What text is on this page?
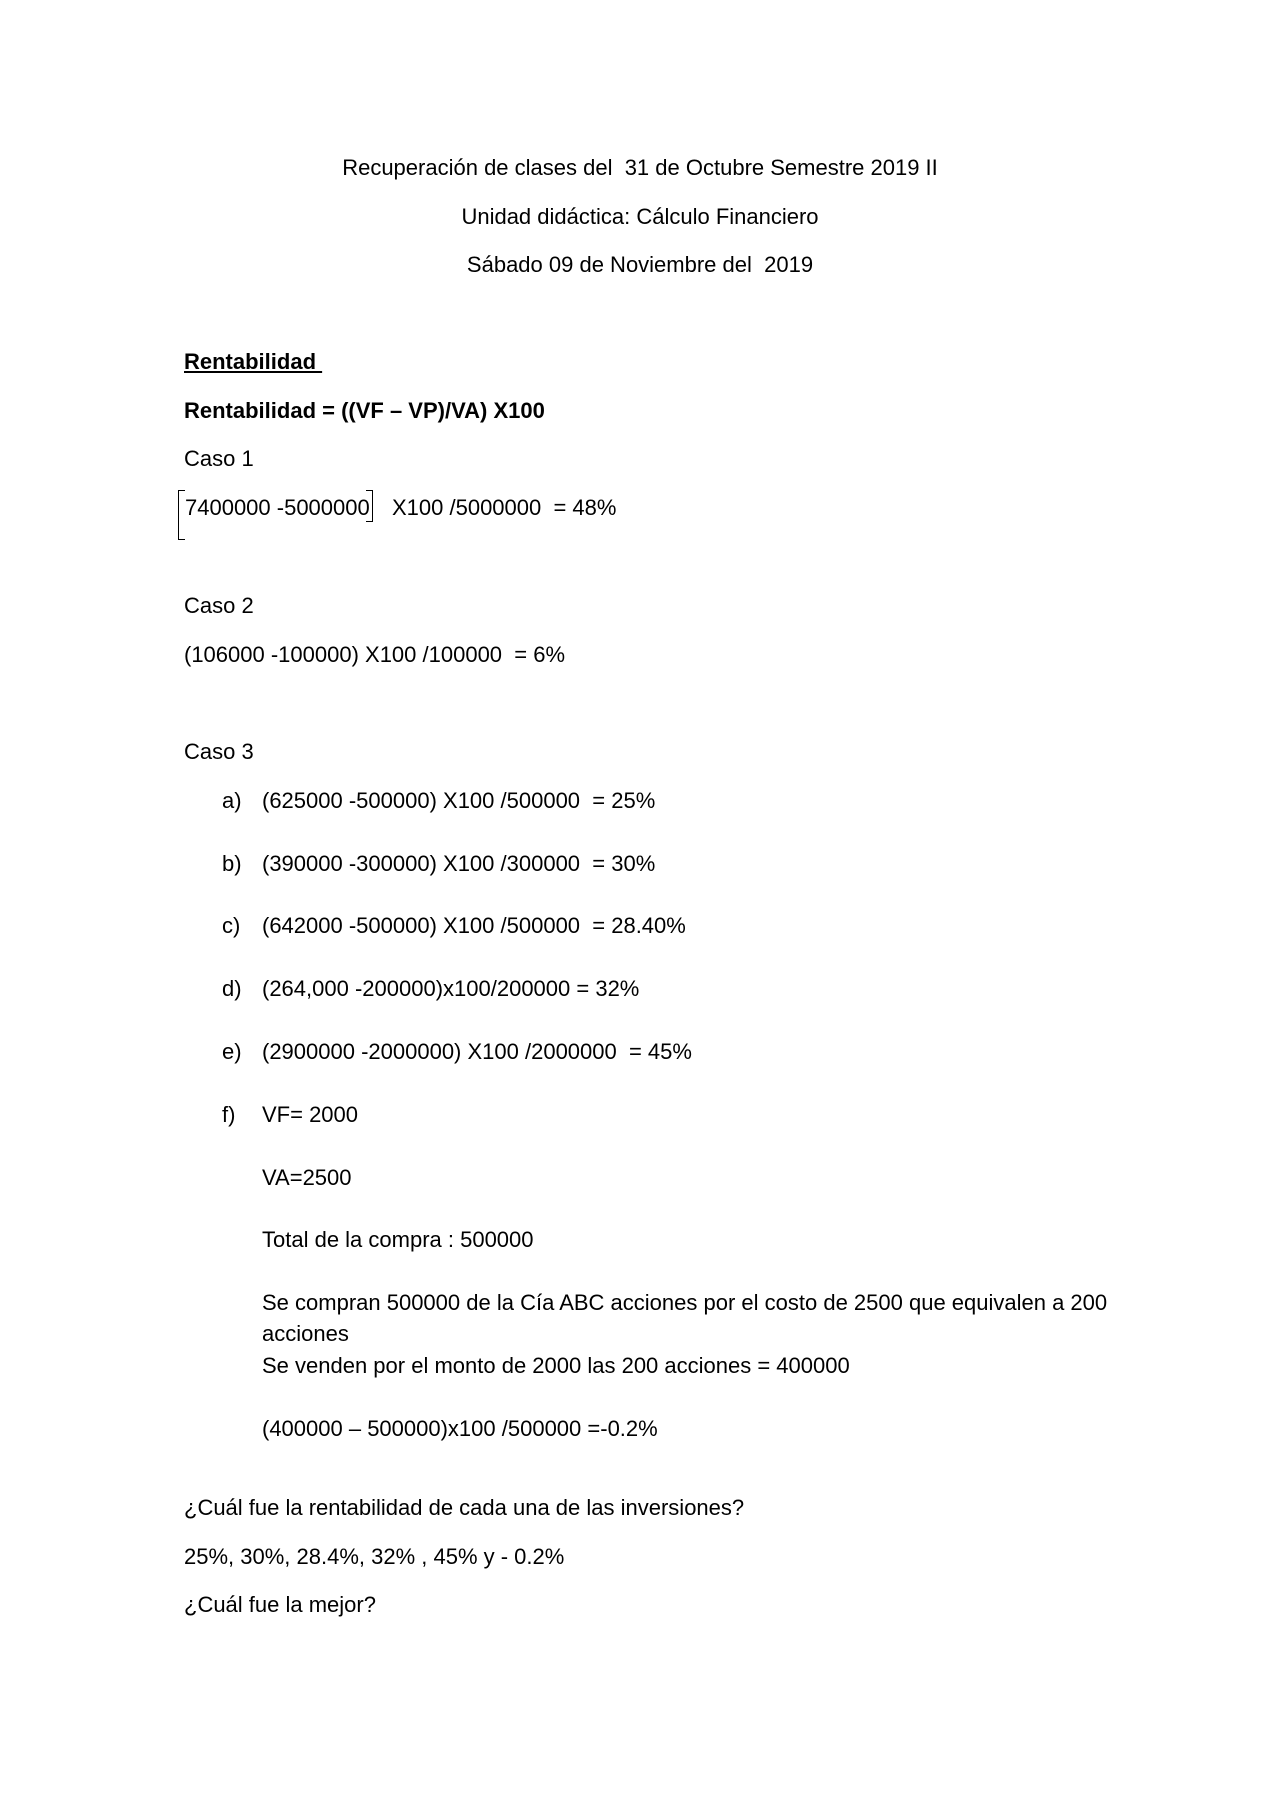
Recuperación de clases del  31 de Octubre Semestre 2019 II
Unidad didáctica: Cálculo Financiero
Sábado 09 de Noviembre del  2019
Rentabilidad
Rentabilidad = ((VF – VP)/VA) X100
Caso 1
7400000 -5000000 X100 /5000000  = 48%
Caso 2
(106000 -100000) X100 /100000  = 6%
Caso 3
a) (625000 -500000) X100 /500000  = 25%
b) (390000 -300000) X100 /300000  = 30%
c) (642000 -500000) X100 /500000  = 28.40%
d) (264,000 -200000)x100/200000 = 32%
e) (2900000 -2000000) X100 /2000000  = 45%
f) VF= 2000
VA=2500
Total de la compra : 500000
Se compran 500000 de la Cía ABC acciones por el costo de 2500 que equivalen a 200
acciones
Se venden por el monto de 2000 las 200 acciones = 400000
(400000 – 500000)x100 /500000 =-0.2%
¿Cuál fue la rentabilidad de cada una de las inversiones?
25%, 30%, 28.4%, 32% , 45% y - 0.2%
¿Cuál fue la mejor?
